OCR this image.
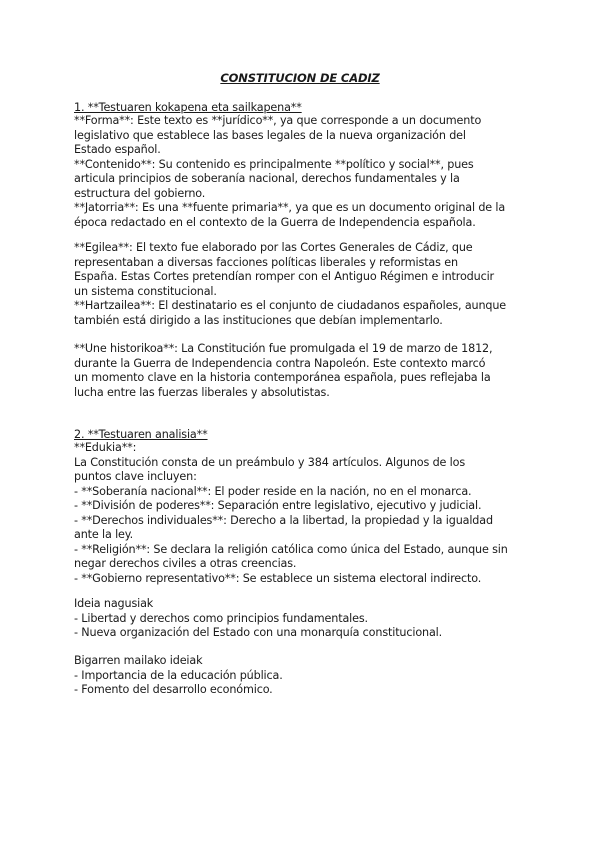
CONSTITUCION DE CADIZ
1. **Testuaren kokapena eta sailkapena**
**Forma**: Este texto es **jurídico**, ya que corresponde a un documento
legislativo que establece las bases legales de la nueva organización del
Estado español.
**Contenido**: Su contenido es principalmente **político y social**, pues
articula principios de soberanía nacional, derechos fundamentales y la
estructura del gobierno.
**Jatorria**: Es una **fuente primaria**, ya que es un documento original de la
época redactado en el contexto de la Guerra de Independencia española.
**Egilea**: El texto fue elaborado por las Cortes Generales de Cádiz, que
representaban a diversas facciones políticas liberales y reformistas en
España. Estas Cortes pretendían romper con el Antiguo Régimen e introducir
un sistema constitucional.
**Hartzailea**: El destinatario es el conjunto de ciudadanos españoles, aunque
también está dirigido a las instituciones que debían implementarlo.
**Une historikoa**: La Constitución fue promulgada el 19 de marzo de 1812,
durante la Guerra de Independencia contra Napoleón. Este contexto marcó
un momento clave en la historia contemporánea española, pues reflejaba la
lucha entre las fuerzas liberales y absolutistas.
2. **Testuaren analisia**
**Edukia**:
La Constitución consta de un preámbulo y 384 artículos. Algunos de los
puntos clave incluyen:
- **Soberanía nacional**: El poder reside en la nación, no en el monarca.
- **División de poderes**: Separación entre legislativo, ejecutivo y judicial.
- **Derechos individuales**: Derecho a la libertad, la propiedad y la igualdad
ante la ley.
- **Religión**: Se declara la religión católica como única del Estado, aunque sin
negar derechos civiles a otras creencias.
- **Gobierno representativo**: Se establece un sistema electoral indirecto.
Ideia nagusiak
- Libertad y derechos como principios fundamentales.
- Nueva organización del Estado con una monarquía constitucional.
Bigarren mailako ideiak
- Importancia de la educación pública.
- Fomento del desarrollo económico.
